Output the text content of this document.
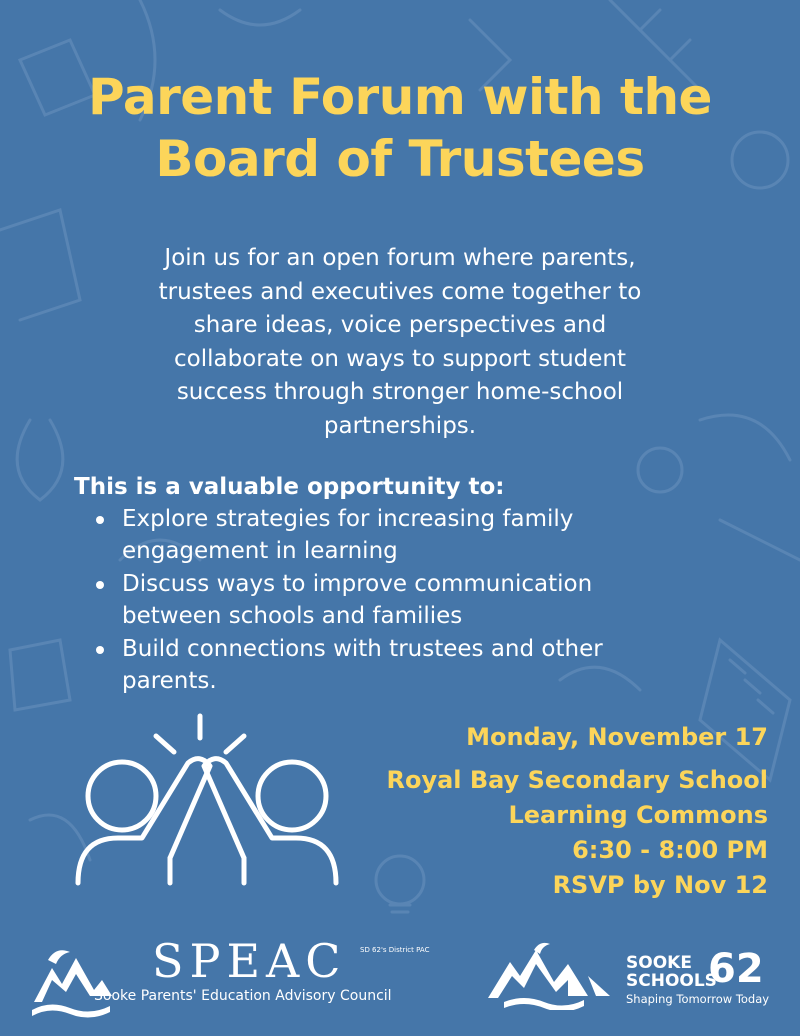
Parent Forum with the
Board of Trustees
Join us for an open forum where parents,
trustees and executives come together to
share ideas, voice perspectives and
collaborate on ways to support student
success through stronger home-school
partnerships.
This is a valuable opportunity to:
Explore strategies for increasing family
engagement in learning
Discuss ways to improve communication
between schools and families
Build connections with trustees and other
parents.
Monday, November 17
Royal Bay Secondary School
Learning Commons
6:30 - 8:00 PM
RSVP by Nov 12
SPEAC SD 62's District PAC
Sooke Parents' Education Advisory Council
SOOKE
SCHOOLS
62
Shaping Tomorrow Today
